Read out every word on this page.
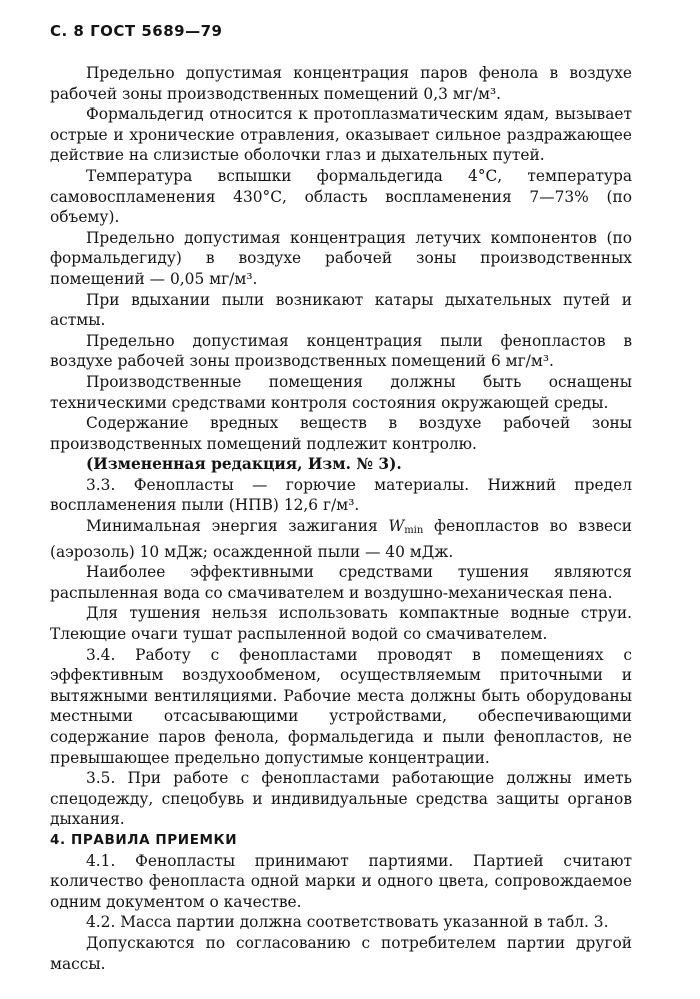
С. 8 ГОСТ 5689—79

Предельно допустимая концентрация паров фенола в воздухе рабочей зоны производственных помещений 0,3 мг/м³.

Формальдегид относится к протоплазматическим ядам, вызывает острые и хронические отравления, оказывает сильное раздражающее действие на слизистые оболочки глаз и дыхательных путей.

Температура вспышки формальдегида 4°С, температура самовоспламенения 430°С, область воспламенения 7—73% (по объему).

Предельно допустимая концентрация летучих компонентов (по формальдегиду) в воздухе рабочей зоны производственных помещений — 0,05 мг/м³.

При вдыхании пыли возникают катары дыхательных путей и астмы.

Предельно допустимая концентрация пыли фенопластов в воздухе рабочей зоны производственных помещений 6 мг/м³.

Производственные помещения должны быть оснащены техническими средствами контроля состояния окружающей среды.

Содержание вредных веществ в воздухе рабочей зоны производственных помещений подлежит контролю.

(Измененная редакция, Изм. № 3).

3.3. Фенопласты — горючие материалы. Нижний предел воспламенения пыли (НПВ) 12,6 г/м³.

Минимальная энергия зажигания $W_{min}$ фенопластов во взвеси (аэрозоль) 10 мДж; осажденной пыли — 40 мДж.

Наиболее эффективными средствами тушения являются распыленная вода со смачивателем и воздушно-механическая пена.

Для тушения нельзя использовать компактные водные струи. Тлеющие очаги тушат распыленной водой со смачивателем.

3.4. Работу с фенопластами проводят в помещениях с эффективным воздухообменом, осуществляемым приточными и вытяжными вентиляциями. Рабочие места должны быть оборудованы местными отсасывающими устройствами, обеспечивающими содержание паров фенола, формальдегида и пыли фенопластов, не превышающее предельно допустимые концентрации.

3.5. При работе с фенопластами работающие должны иметь спецодежду, спецобувь и индивидуальные средства защиты органов дыхания.

4. ПРАВИЛА ПРИЕМКИ

4.1. Фенопласты принимают партиями. Партией считают количество фенопласта одной марки и одного цвета, сопровождаемое одним документом о качестве.

4.2. Масса партии должна соответствовать указанной в табл. 3.

Допускаются по согласованию с потребителем партии другой массы.
